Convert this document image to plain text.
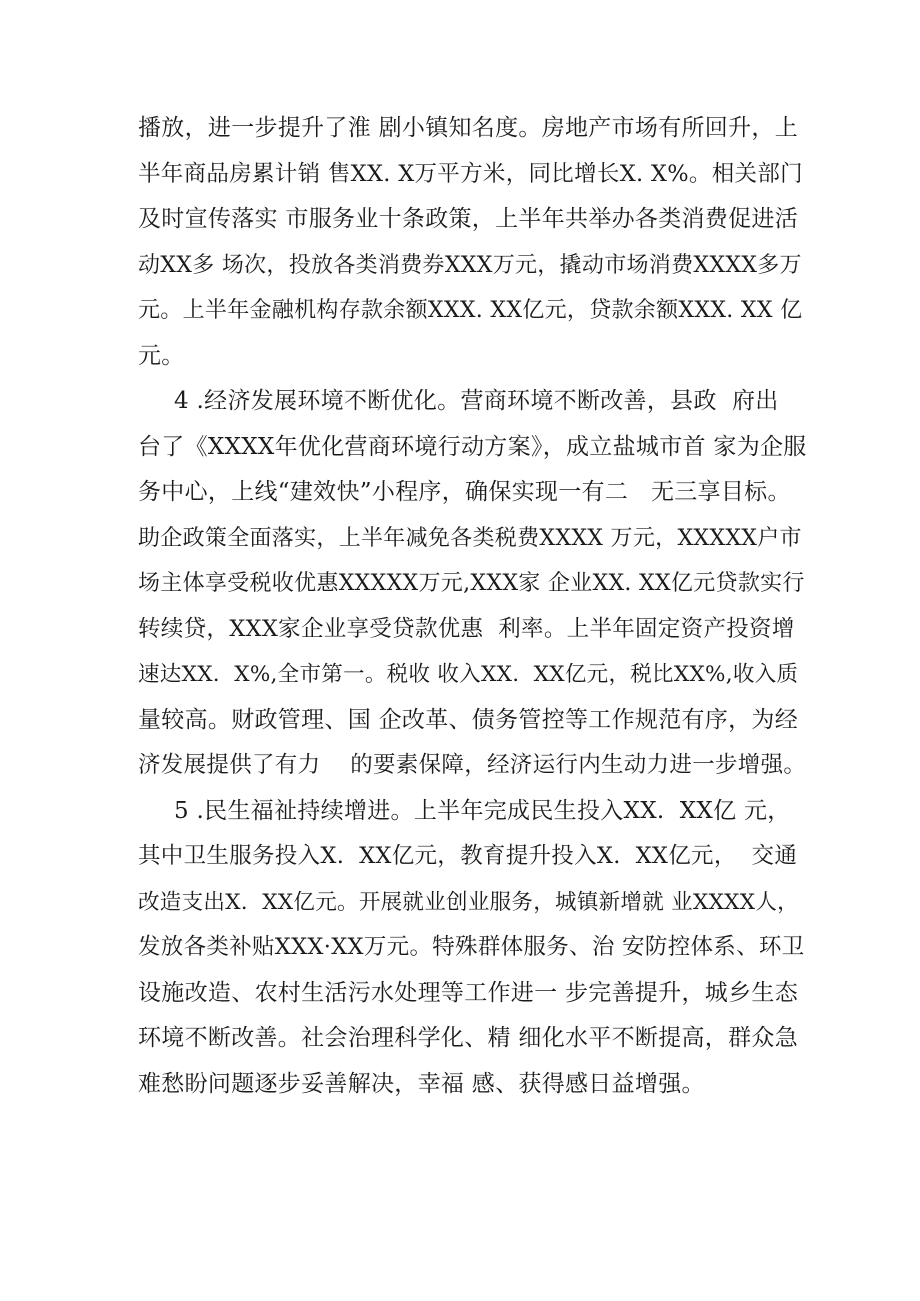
播放，进一步提升了淮 剧小镇知名度。房地产市场有所回升，上
半年商品房累计销 售XX. X万平方米，同比增长X. X%。相关部门
及时宣传落实 市服务业十条政策，上半年共举办各类消费促进活
动XX多 场次，投放各类消费券XXX万元，撬动市场消费XXXX多万
元。上半年金融机构存款余额XXX. XX亿元，贷款余额XXX. XX 亿
元。
4 .经济发展环境不断优化。营商环境不断改善，县政  府出
台了《XXXX年优化营商环境行动方案》，成立盐城市首 家为企服
务中心，上线“建效快”小程序，确保实现一有二   无三享目标。
助企政策全面落实，上半年减免各类税费XXXX 万元，XXXXX户市
场主体享受税收优惠XXXXX万元,XXX家 企业XX. XX亿元贷款实行
转续贷，XXX家企业享受贷款优惠  利率。上半年固定资产投资增
速达XX.  X%,全市第一。税收 收入XX.  XX亿元，税比XX%,收入质
量较高。财政管理、国 企改革、债务管控等工作规范有序，为经
济发展提供了有力    的要素保障，经济运行内生动力进一步增强。
5 .民生福祉持续增进。上半年完成民生投入XX.  XX亿 元，
其中卫生服务投入X.  XX亿元，教育提升投入X.  XX亿元，  交通
改造支出X.  XX亿元。开展就业创业服务，城镇新增就 业XXXX人，
发放各类补贴XXX·XX万元。特殊群体服务、治 安防控体系、环卫
设施改造、农村生活污水处理等工作进一 步完善提升，城乡生态
环境不断改善。社会治理科学化、精 细化水平不断提高，群众急
难愁盼问题逐步妥善解决，幸福 感、获得感日益增强。
